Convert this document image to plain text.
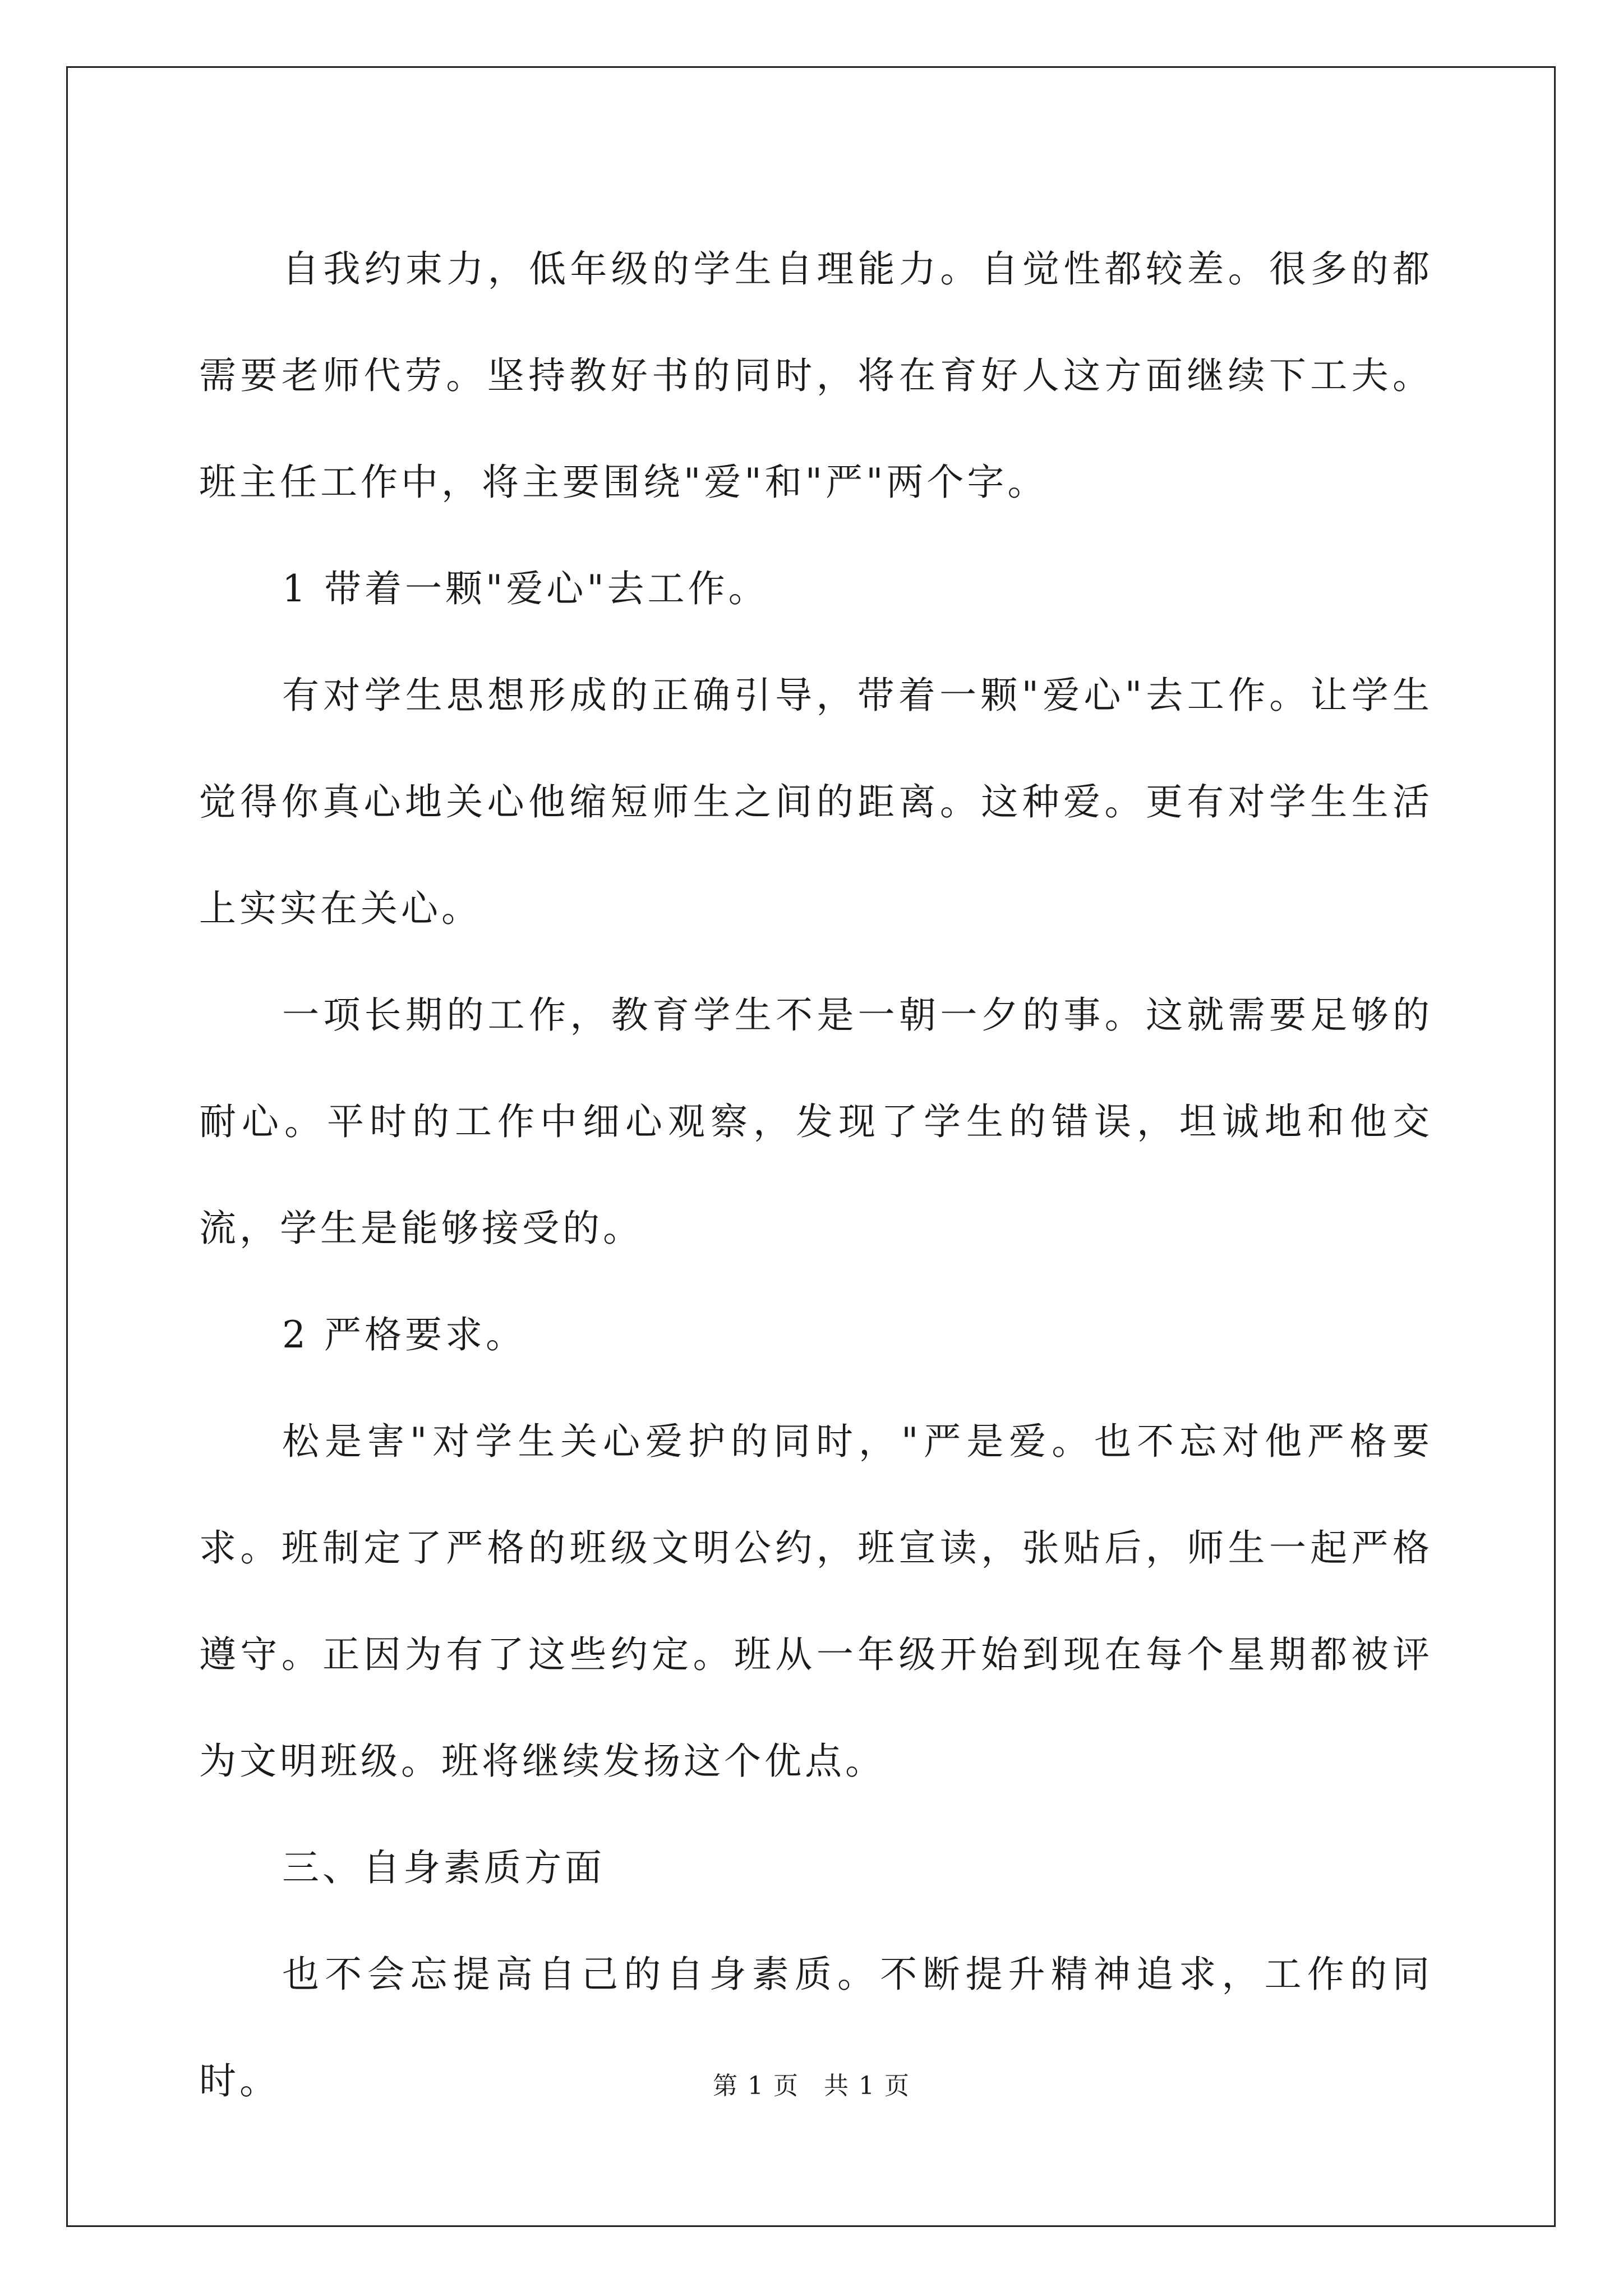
自我约束力，低年级的学生自理能力。自觉性都较差。很多的都需要老师代劳。坚持教好书的同时，将在育好人这方面继续下工夫。班主任工作中，将主要围绕"爱"和"严"两个字。

1 带着一颗"爱心"去工作。

有对学生思想形成的正确引导，带着一颗"爱心"去工作。让学生觉得你真心地关心他缩短师生之间的距离。这种爱。更有对学生生活上实实在关心。

一项长期的工作，教育学生不是一朝一夕的事。这就需要足够的耐心。平时的工作中细心观察，发现了学生的错误，坦诚地和他交流，学生是能够接受的。

2 严格要求。

松是害"对学生关心爱护的同时，"严是爱。也不忘对他严格要求。班制定了严格的班级文明公约，班宣读，张贴后，师生一起严格遵守。正因为有了这些约定。班从一年级开始到现在每个星期都被评为文明班级。班将继续发扬这个优点。

三、自身素质方面

也不会忘提高自己的自身素质。不断提升精神追求，工作的同时。	第 1 页 共 1 页
